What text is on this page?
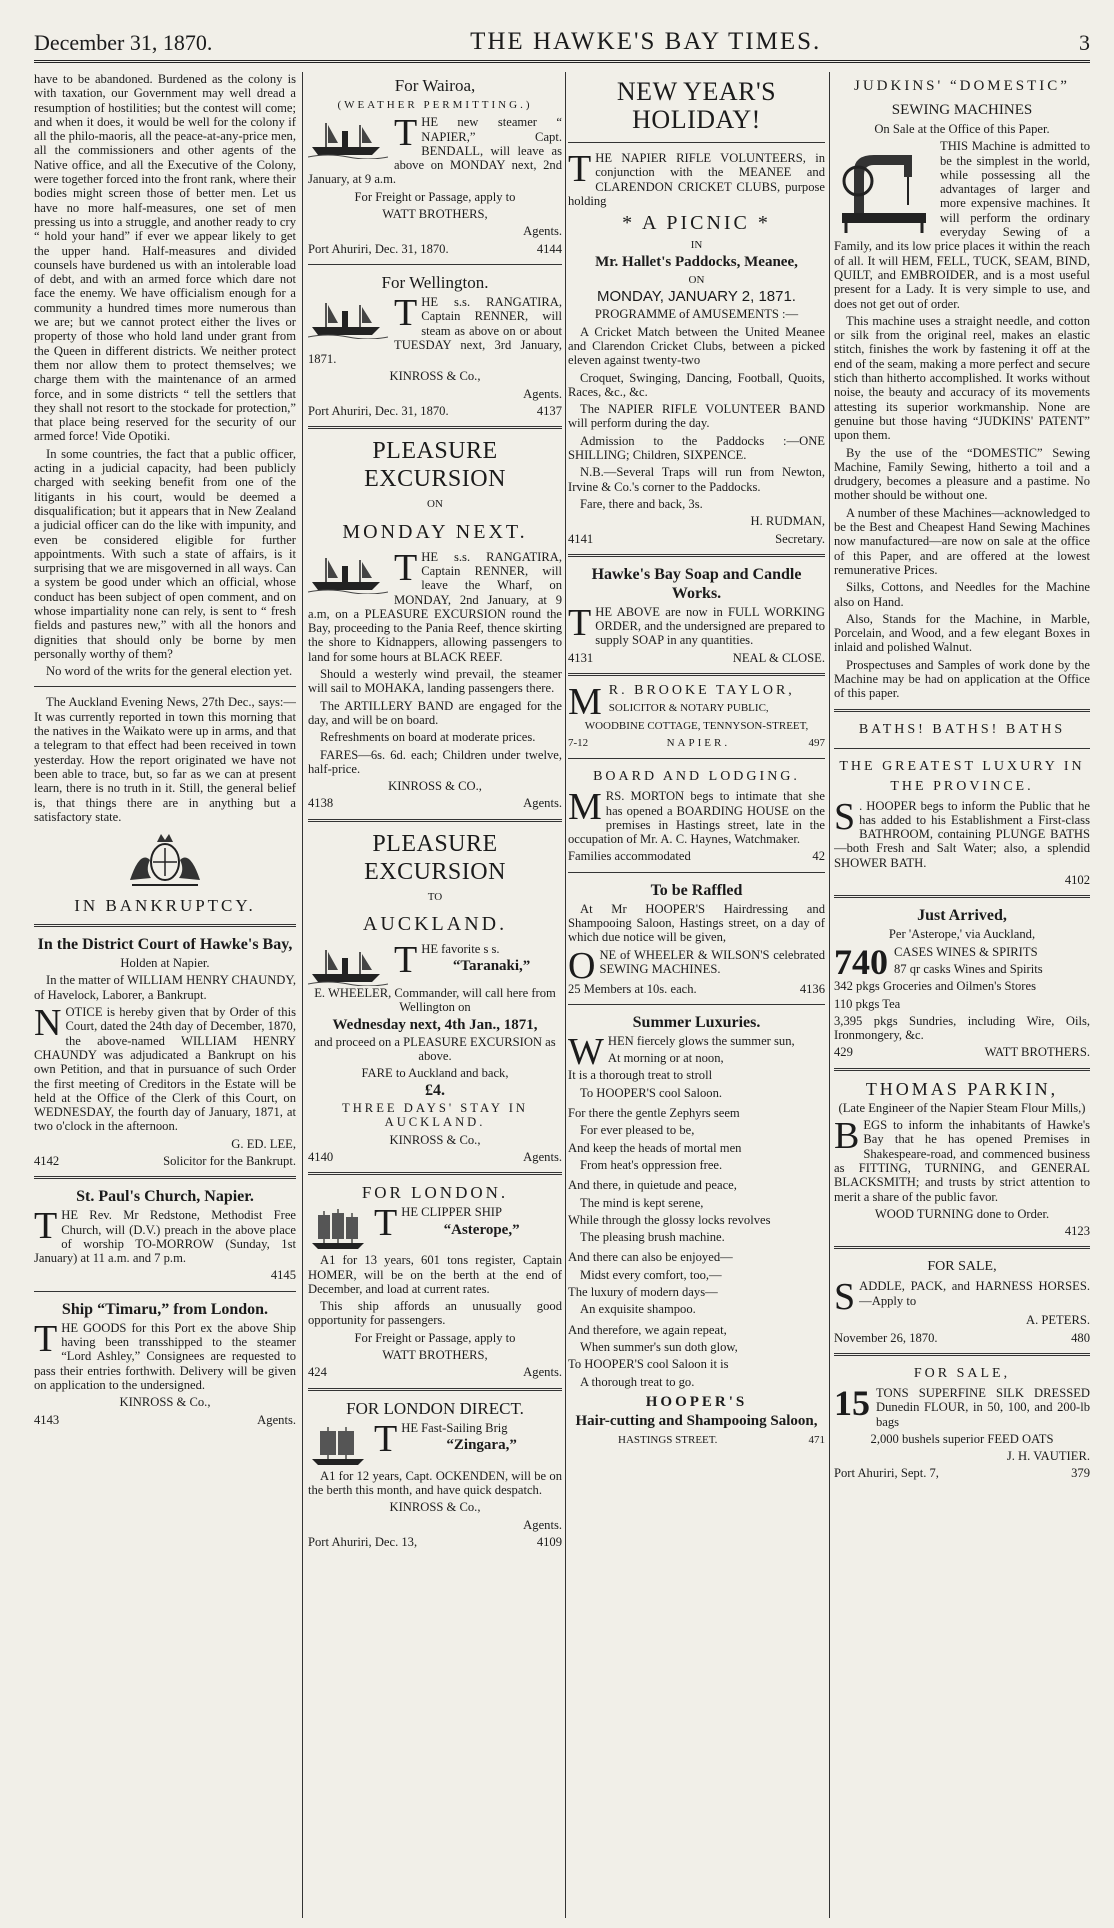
December 31, 1870.	THE HAWKE'S BAY TIMES.	3

have to be abandoned. Burdened as the colony is with taxation, our Government may well dread a resumption of hostilities; but the contest will come; and when it does, it would be well for the colony if all the philo-maoris, all the peace-at-any-price men, all the commissioners and other agents of the Native office, and all the Executive of the Colony, were together forced into the front rank, where their bodies might screen those of better men. Let us have no more half-measures, one set of men pressing us into a struggle, and another ready to cry “ hold your hand” if ever we appear likely to get the upper hand. Half-measures and divided counsels have burdened us with an intolerable load of debt, and with an armed force which dare not face the enemy. We have officialism enough for a community a hundred times more numerous than we are; but we cannot protect either the lives or property of those who hold land under grant from the Queen in different districts. We neither protect them nor allow them to protect themselves; we charge them with the maintenance of an armed force, and in some districts “ tell the settlers that they shall not resort to the stockade for protection,” that place being reserved for the security of our armed force! Vide Opotiki.

In some countries, the fact that a public officer, acting in a judicial capacity, had been publicly charged with seeking benefit from one of the litigants in his court, would be deemed a disqualification; but it appears that in New Zealand a judicial officer can do the like with impunity, and even be considered eligible for further appointments. With such a state of affairs, is it surprising that we are misgoverned in all ways. Can a system be good under which an official, whose conduct has been subject of open comment, and on whose impartiality none can rely, is sent to “ fresh fields and pastures new,” with all the honors and dignities that should only be borne by men personally worthy of them?

No word of the writs for the general election yet.

The Auckland Evening News, 27th Dec., says:—It was currently reported in town this morning that the natives in the Waikato were up in arms, and that a telegram to that effect had been received in town yesterday. How the report originated we have not been able to trace, but, so far as we can at present learn, there is no truth in it. Still, the general belief is, that things there are in anything but a satisfactory state.

IN BANKRUPTCY.
In the District Court of Hawke's Bay,

Holden at Napier.

In the matter of WILLIAM HENRY CHAUNDY, of Havelock, Laborer, a Bankrupt.

NOTICE is hereby given that by Order of this Court, dated the 24th day of December, 1870, the above-named WILLIAM HENRY CHAUNDY was adjudicated a Bankrupt on his own Petition, and that in pursuance of such Order the first meeting of Creditors in the Estate will be held at the Office of the Clerk of this Court, on WEDNESDAY, the fourth day of January, 1871, at two o'clock in the afternoon.

G. ED. LEE,

4142	Solicitor for the Bankrupt.
St. Paul's Church, Napier.

THE Rev. Mr Redstone, Methodist Free Church, will (D.V.) preach in the above place of worship TO-MORROW (Sunday, 1st January) at 11 a.m. and 7 p.m.

4145

Ship “Timaru,” from London.

THE GOODS for this Port ex the above Ship having been transshipped to the steamer “Lord Ashley,” Consignees are requested to pass their entries forthwith. Delivery will be given on application to the undersigned.

KINROSS & Co.,

4143	Agents.
For Wairoa,

(WEATHER PERMITTING.)

THE new steamer “ NAPIER,” Capt. BENDALL, will leave as above on MONDAY next, 2nd January, at 9 a.m.

For Freight or Passage, apply to

WATT BROTHERS,

Agents.

Port Ahuriri, Dec. 31, 1870.	4144
For Wellington.

THE s.s. RANGATIRA, Captain RENNER, will steam as above on or about TUESDAY next, 3rd January, 1871.

KINROSS & Co.,

Agents.

Port Ahuriri, Dec. 31, 1870.	4137
PLEASURE EXCURSION

ON

MONDAY NEXT.

THE s.s. RANGATIRA, Captain RENNER, will leave the Wharf, on MONDAY, 2nd January, at 9 a.m, on a PLEASURE EXCURSION round the Bay, proceeding to the Pania Reef, thence skirting the shore to Kidnappers, allowing passengers to land for some hours at BLACK REEF.

Should a westerly wind prevail, the steamer will sail to MOHAKA, landing passengers there.

The ARTILLERY BAND are engaged for the day, and will be on board.

Refreshments on board at moderate prices.

FARES—6s. 6d. each; Children under twelve, half-price.

KINROSS & CO.,

4138	Agents.
PLEASURE EXCURSION

TO

AUCKLAND.

THE favorite s s.

“Taranaki,”

E. WHEELER, Commander, will call here from Wellington on

Wednesday next, 4th Jan., 1871,

and proceed on a PLEASURE EXCURSION as above.

FARE to Auckland and back,

£4.

THREE DAYS' STAY IN AUCKLAND.

KINROSS & Co.,

4140	Agents.
FOR LONDON.

THE CLIPPER SHIP

“Asterope,”

A1 for 13 years, 601 tons register, Captain HOMER, will be on the berth at the end of December, and load at current rates.

This ship affords an unusually good opportunity for passengers.

For Freight or Passage, apply to

WATT BROTHERS,

424	Agents.
FOR LONDON DIRECT.

THE Fast-Sailing Brig

“Zingara,”

A1 for 12 years, Capt. OCKENDEN, will be on the berth this month, and have quick despatch.

KINROSS & Co.,

Agents.

Port Ahuriri, Dec. 13,	4109
NEW YEAR'S HOLIDAY!

THE NAPIER RIFLE VOLUNTEERS, in conjunction with the MEANEE and CLARENDON CRICKET CLUBS, purpose holding

* A PICNIC *

IN

Mr. Hallet's Paddocks, Meanee,

ON

MONDAY, JANUARY 2, 1871.

PROGRAMME of AMUSEMENTS :—

A Cricket Match between the United Meanee and Clarendon Cricket Clubs, between a picked eleven against twenty-two

Croquet, Swinging, Dancing, Football, Quoits, Races, &c., &c.

The NAPIER RIFLE VOLUNTEER BAND will perform during the day.

Admission to the Paddocks :—ONE SHILLING; Children, SIXPENCE.

N.B.—Several Traps will run from Newton, Irvine & Co.'s corner to the Paddocks.

Fare, there and back, 3s.

H. RUDMAN,

4141	Secretary.
Hawke's Bay Soap and Candle Works.

THE ABOVE are now in FULL WORKING ORDER, and the undersigned are prepared to supply SOAP in any quantities.

4131	NEAL & CLOSE.

M R. BROOKE TAYLOR,

SOLICITOR & NOTARY PUBLIC,

WOODBINE COTTAGE, TENNYSON-STREET,

7-12	NAPIER.	497
BOARD AND LODGING.

MRS. MORTON begs to intimate that she has opened a BOARDING HOUSE on the premises in Hastings street, late in the occupation of Mr. A. C. Haynes, Watchmaker.

Families accommodated	42
To be Raffled

At Mr HOOPER'S Hairdressing and Shampooing Saloon, Hastings street, on a day of which due notice will be given,

ONE of WHEELER & WILSON'S celebrated SEWING MACHINES.

25 Members at 10s. each.	4136
Summer Luxuries.

WHEN fiercely glows the summer sun,

At morning or at noon,

It is a thorough treat to stroll

To HOOPER'S cool Saloon.

For there the gentle Zephyrs seem

For ever pleased to be,

And keep the heads of mortal men

From heat's oppression free.

And there, in quietude and peace,

The mind is kept serene,

While through the glossy locks revolves

The pleasing brush machine.

And there can also be enjoyed—

Midst every comfort, too,—

The luxury of modern days—

An exquisite shampoo.

And therefore, we again repeat,

When summer's sun doth glow,

To HOOPER'S cool Saloon it is

A thorough treat to go.

HOOPER'S

Hair-cutting and Shampooing Saloon,

HASTINGS STREET.	471
JUDKINS' “DOMESTIC”
SEWING MACHINES

On Sale at the Office of this Paper.

THIS Machine is admitted to be the simplest in the world, while possessing all the advantages of larger and more expensive machines. It will perform the ordinary everyday Sewing of a Family, and its low price places it within the reach of all. It will HEM, FELL, TUCK, SEAM, BIND, QUILT, and EMBROIDER, and is a most useful present for a Lady. It is very simple to use, and does not get out of order.

This machine uses a straight needle, and cotton or silk from the original reel, makes an elastic stitch, finishes the work by fastening it off at the end of the seam, making a more perfect and secure stich than hitherto accomplished. It works without noise, the beauty and accuracy of its movements attesting its superior workmanship. None are genuine but those having “JUDKINS' PATENT” upon them.

By the use of the “DOMESTIC” Sewing Machine, Family Sewing, hitherto a toil and a drudgery, becomes a pleasure and a pastime. No mother should be without one.

A number of these Machines—acknowledged to be the Best and Cheapest Hand Sewing Machines now manufactured—are now on sale at the office of this Paper, and are offered at the lowest remunerative Prices.

Silks, Cottons, and Needles for the Machine also on Hand.

Also, Stands for the Machine, in Marble, Porcelain, and Wood, and a few elegant Boxes in inlaid and polished Walnut.

Prospectuses and Samples of work done by the Machine may be had on application at the Office of this paper.

BATHS! BATHS! BATHS
THE GREATEST LUXURY IN THE PROVINCE.

S . HOOPER begs to inform the Public that he has added to his Establishment a First-class BATHROOM, containing PLUNGE BATHS —both Fresh and Salt Water; also, a splendid SHOWER BATH.

4102

Just Arrived,

Per 'Asterope,' via Auckland,

740 CASES WINES & SPIRITS

87 qr casks Wines and Spirits

342 pkgs Groceries and Oilmen's Stores

110 pkgs Tea

3,395 pkgs Sundries, including Wire, Oils, Ironmongery, &c.

429	WATT BROTHERS.
THOMAS PARKIN,

(Late Engineer of the Napier Steam Flour Mills,)

BEGS to inform the inhabitants of Hawke's Bay that he has opened Premises in Shakespeare-road, and commenced business as FITTING, TURNING, and GENERAL BLACKSMITH; and trusts by strict attention to merit a share of the public favor.

WOOD TURNING done to Order.

4123

FOR SALE,

SADDLE, PACK, and HARNESS HORSES.—Apply to

A. PETERS.

November 26, 1870.	480
FOR SALE,

15 TONS SUPERFINE SILK DRESSED Dunedin FLOUR, in 50, 100, and 200-lb bags

2,000 bushels superior FEED OATS

J. H. VAUTIER.

Port Ahuriri, Sept. 7,	379
